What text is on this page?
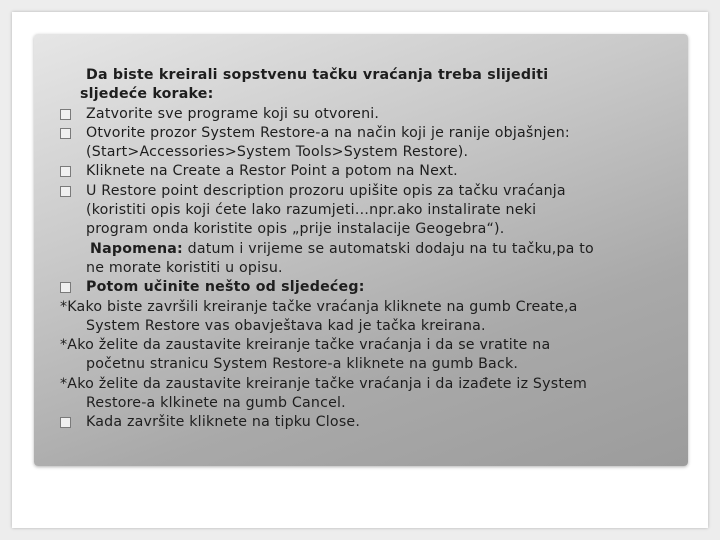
Da biste kreirali sopstvenu tačku vraćanja treba slijediti
sljedeće korake:
Zatvorite sve programe koji su otvoreni.
Otvorite prozor System Restore-a na način koji je ranije objašnjen:
(Start>Accessories>System Tools>System Restore).
Kliknete na Create a Restor Point a potom na Next.
U Restore point description prozoru upišite opis za tačku vraćanja
(koristiti opis koji ćete lako razumjeti…npr.ako instalirate neki
program onda koristite opis „prije instalacije Geogebra“).
Napomena: datum i vrijeme se automatski dodaju na tu tačku,pa to
ne morate koristiti u opisu.
Potom učinite nešto od sljedećeg:
*Kako biste završili kreiranje tačke vraćanja kliknete na gumb Create,a
System Restore vas obavještava kad je tačka kreirana.
*Ako želite da zaustavite kreiranje tačke vraćanja i da se vratite na
početnu stranicu System Restore-a kliknete na gumb Back.
*Ako želite da zaustavite kreiranje tačke vraćanja i da izađete iz System
Restore-a klkinete na gumb Cancel.
Kada završite kliknete na tipku Close.
